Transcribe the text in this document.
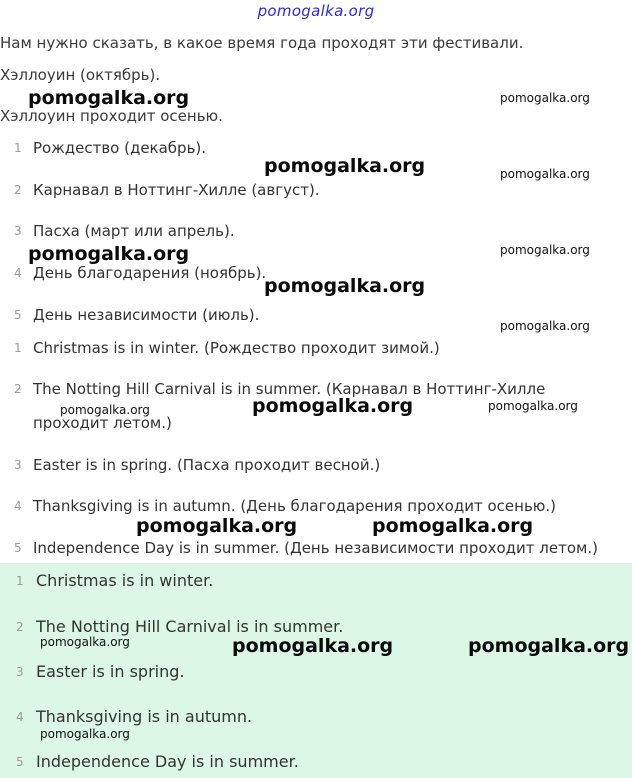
pomogalka.org
Нам нужно сказать, в какое время года проходят эти фестивали.
Хэллоуин (октябрь).
Хэллоуин проходит осенью.
1 Рождество (декабрь).
2 Карнавал в Ноттинг-Хилле (август).
3 Пасха (март или апрель).
4 День благодарения (ноябрь).
5 День независимости (июль).
1 Christmas is in winter. (Рождество проходит зимой.)
2 The Notting Hill Carnival is in summer. (Карнавал в Ноттинг-Хилле проходит летом.)
3 Easter is in spring. (Пасха проходит весной.)
4 Thanksgiving is in autumn. (День благодарения проходит осенью.)
5 Independence Day is in summer. (День независимости проходит летом.)
1 Christmas is in winter.
2 The Notting Hill Carnival is in summer.
3 Easter is in spring.
4 Thanksgiving is in autumn.
5 Independence Day is in summer.
pomogalka.org	pomogalka.org
pomogalka.org	pomogalka.org
pomogalka.org	pomogalka.org
pomogalka.org
pomogalka.org
pomogalka.org	pomogalka.org	pomogalka.org
pomogalka.org	pomogalka.org
pomogalka.org	pomogalka.org	pomogalka.org
pomogalka.org
